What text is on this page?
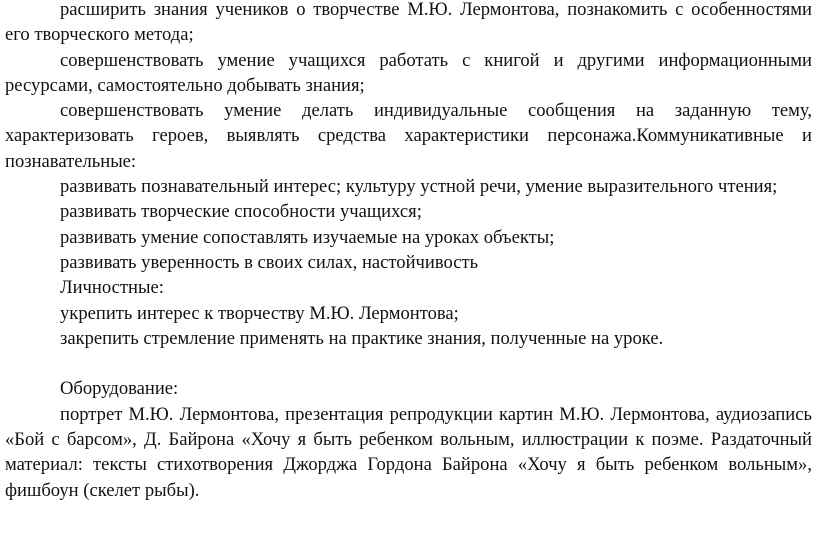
расширить знания учеников о творчестве М.Ю. Лермонтова, познакомить с особенностями его творческого метода;

совершенствовать умение учащихся работать с книгой и другими информационными ресурсами, самостоятельно добывать знания;

совершенствовать умение делать индивидуальные сообщения на заданную тему, характеризовать героев, выявлять средства характеристики персонажа.Коммуникативные и познавательные:

развивать познавательный интерес; культуру устной речи, умение выразительного чтения;

развивать творческие способности учащихся;

развивать умение сопоставлять изучаемые на уроках объекты;

развивать уверенность в своих силах, настойчивость

Личностные:

укрепить интерес к творчеству М.Ю. Лермонтова;

закрепить стремление применять на практике знания, полученные на уроке.

Оборудование:

портрет М.Ю. Лермонтова, презентация репродукции картин М.Ю. Лермонтова, аудиозапись «Бой с барсом», Д. Байрона «Хочу я быть ребенком вольным, иллюстрации к поэме. Раздаточный материал: тексты стихотворения Джорджа Гордона Байрона «Хочу я быть ребенком вольным», фишбоун (скелет рыбы).
